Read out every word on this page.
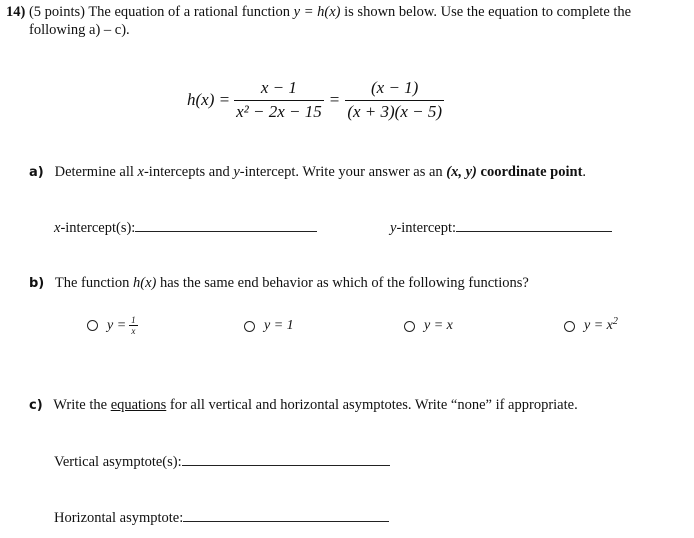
14) (5 points) The equation of a rational function y = h(x) is shown below. Use the equation to complete the
following a) – c).
$h(x) = \frac{x - 1}{\text{x² − 2x − 15}} = \frac{(x - 1)}{(x + 3)(x - 5)}$
a) Determine all x-intercepts and y-intercept. Write your answer as an (x, y) coordinate point.
x-intercept(s):	y-intercept:
b) The function h(x) has the same end behavior as which of the following functions?
$y = \frac{1}{x}$	y = 1	y = x	$y = x^2$
c) Write the equations for all vertical and horizontal asymptotes. Write “none” if appropriate.
Vertical asymptote(s):
Horizontal asymptote:
